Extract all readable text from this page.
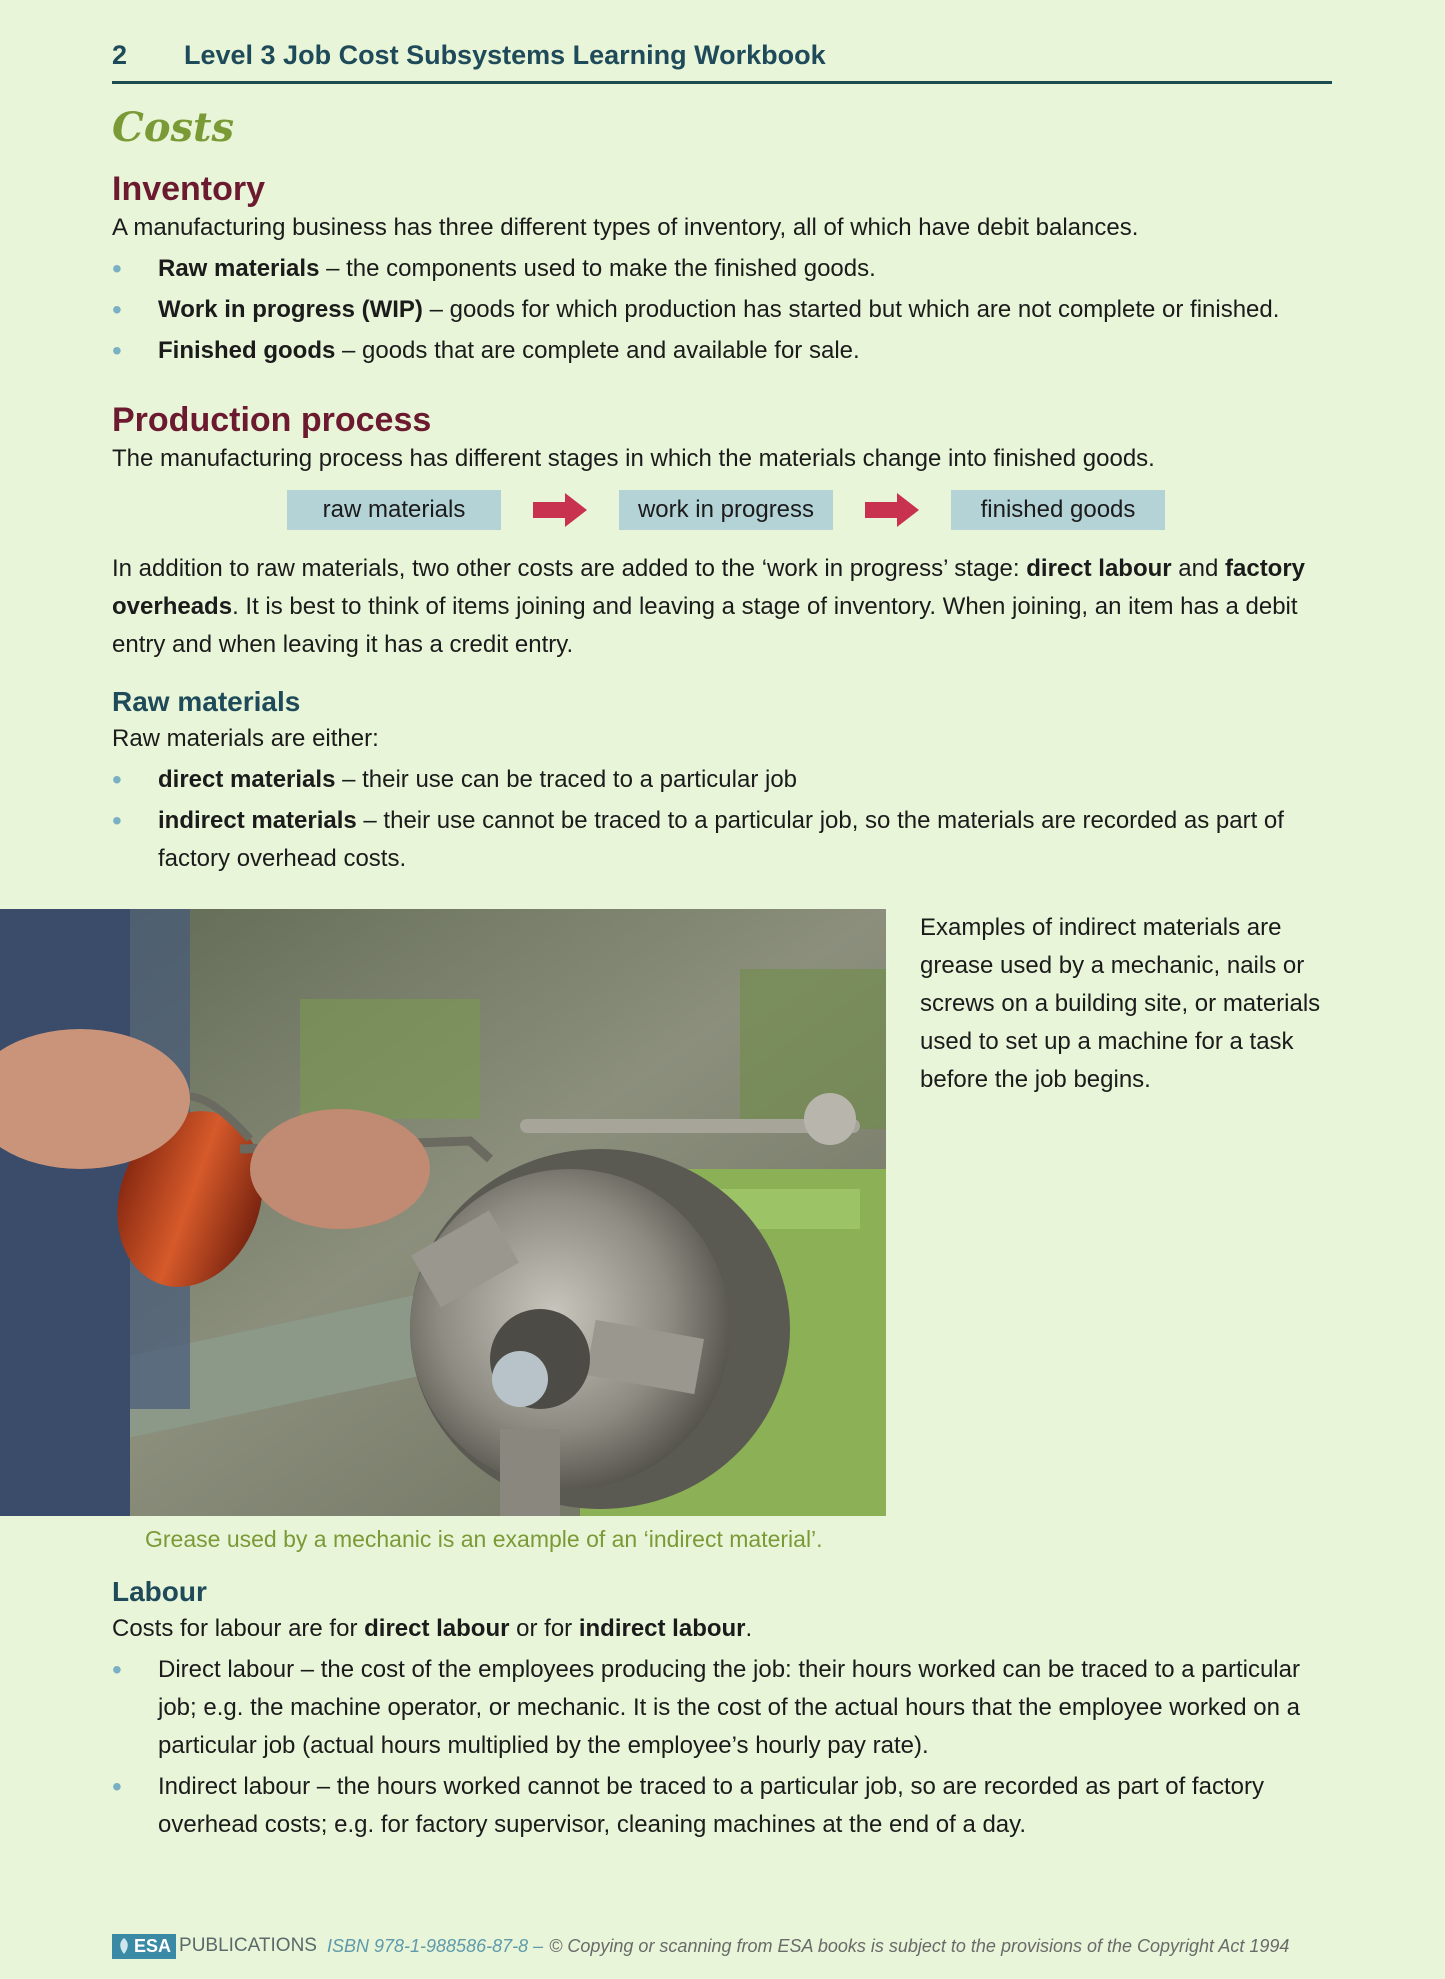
2	Level 3 Job Cost Subsystems Learning Workbook
Costs
Inventory

A manufacturing business has three different types of inventory, all of which have debit balances.

• Raw materials – the components used to make the finished goods.
• Work in progress (WIP) – goods for which production has started but which are not complete or finished.
• Finished goods – goods that are complete and available for sale.
Production process

The manufacturing process has different stages in which the materials change into finished goods.

raw materials	work in progress	finished goods

In addition to raw materials, two other costs are added to the ‘work in progress’ stage: direct labour and factory overheads. It is best to think of items joining and leaving a stage of inventory. When joining, an item has a debit entry and when leaving it has a credit entry.

Raw materials

Raw materials are either:

• direct materials – their use can be traced to a particular job
• indirect materials – their use cannot be traced to a particular job, so the materials are recorded as part of factory overhead costs.
Examples of indirect materials are grease used by a mechanic, nails or screws on a building site, or materials used to set up a machine for a task before the job begins.
Grease used by a mechanic is an example of an ‘indirect material’.
Labour

Costs for labour are for direct labour or for indirect labour.

• Direct labour – the cost of the employees producing the job: their hours worked can be traced to a particular job; e.g. the machine operator, or mechanic. It is the cost of the actual hours that the employee worked on a particular job (actual hours multiplied by the employee’s hourly pay rate).
• Indirect labour – the hours worked cannot be traced to a particular job, so are recorded as part of factory overhead costs; e.g. for factory supervisor, cleaning machines at the end of a day.
ESA PUBLICATIONS ISBN 978-1-988586-87-8 – © Copying or scanning from ESA books is subject to the provisions of the Copyright Act 1994
